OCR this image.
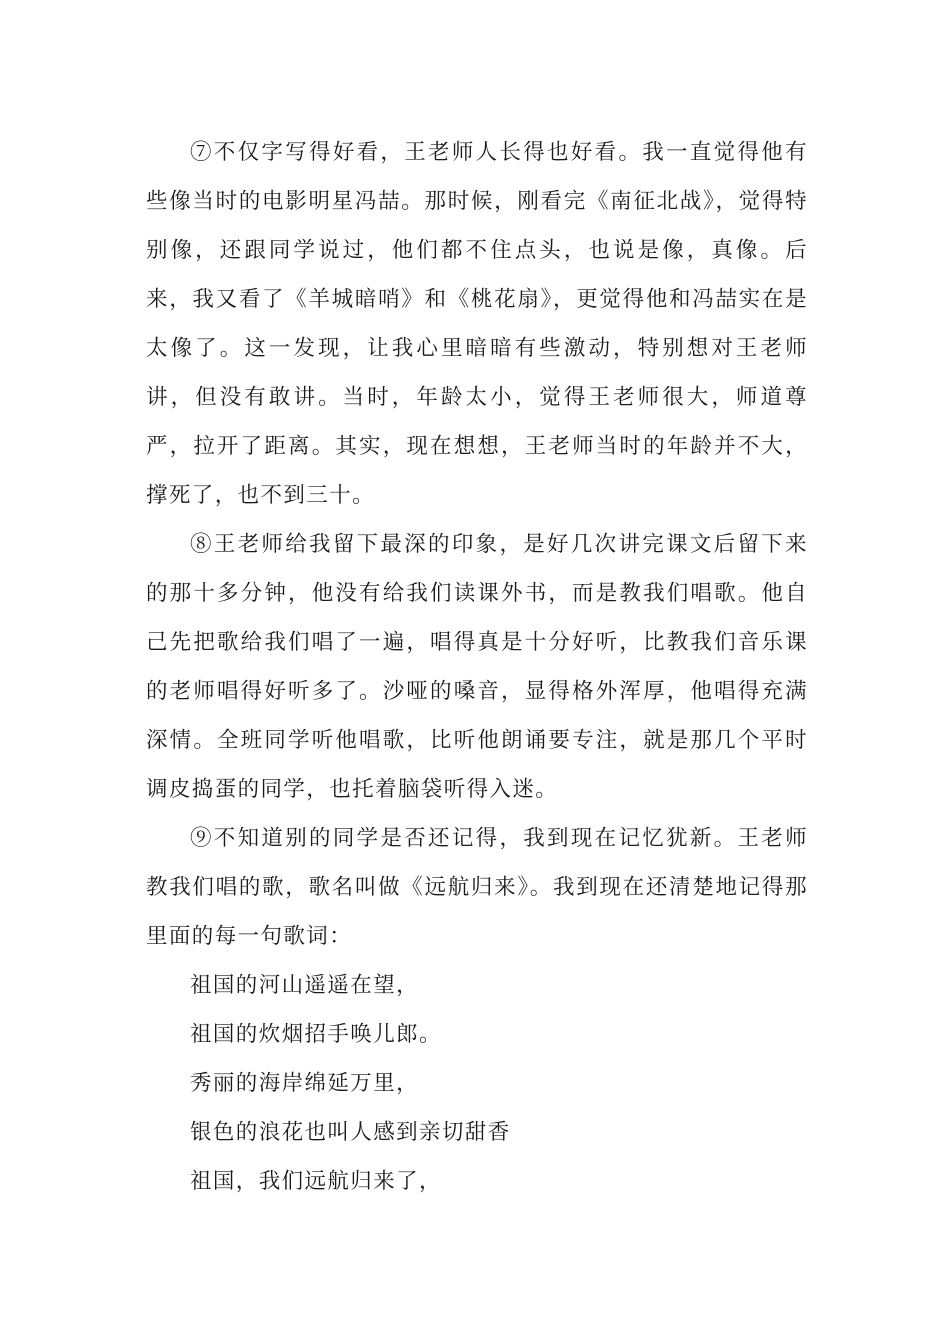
⑦不仅字写得好看，王老师人长得也好看。我一直觉得他有些像当时的电影明星冯喆。那时候，刚看完《南征北战》，觉得特别像，还跟同学说过，他们都不住点头，也说是像，真像。后来，我又看了《羊城暗哨》和《桃花扇》，更觉得他和冯喆实在是太像了。这一发现，让我心里暗暗有些激动，特别想对王老师讲，但没有敢讲。当时，年龄太小，觉得王老师很大，师道尊严，拉开了距离。其实，现在想想，王老师当时的年龄并不大，撑死了，也不到三十。

⑧王老师给我留下最深的印象，是好几次讲完课文后留下来的那十多分钟，他没有给我们读课外书，而是教我们唱歌。他自己先把歌给我们唱了一遍，唱得真是十分好听，比教我们音乐课的老师唱得好听多了。沙哑的嗓音，显得格外浑厚，他唱得充满深情。全班同学听他唱歌，比听他朗诵要专注，就是那几个平时调皮捣蛋的同学，也托着脑袋听得入迷。

⑨不知道别的同学是否还记得，我到现在记忆犹新。王老师教我们唱的歌，歌名叫做《远航归来》。我到现在还清楚地记得那里面的每一句歌词：

祖国的河山遥遥在望，
祖国的炊烟招手唤儿郎。
秀丽的海岸绵延万里，
银色的浪花也叫人感到亲切甜香
祖国，我们远航归来了，
